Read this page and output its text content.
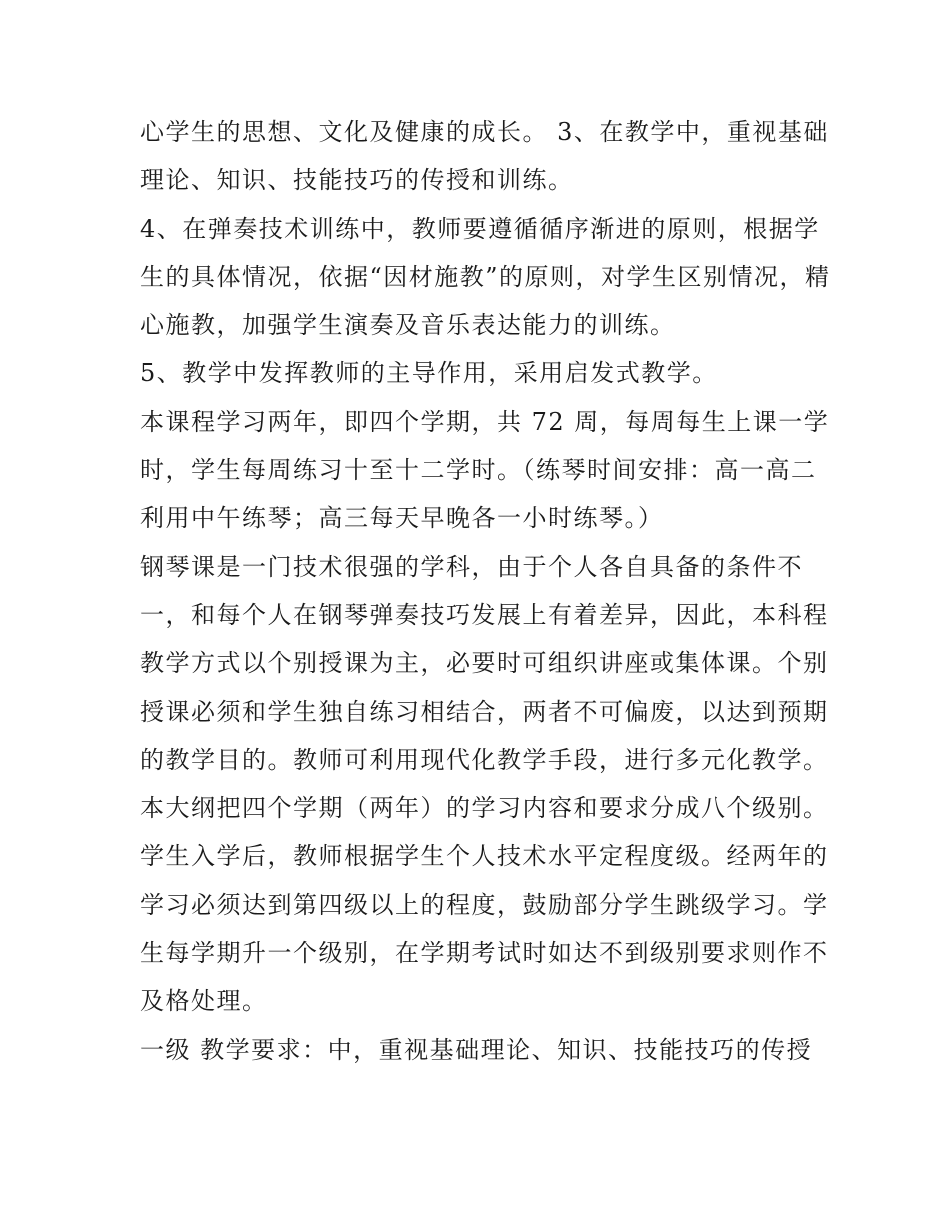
心学生的思想、文化及健康的成长。 3、在教学中，重视基础
理论、知识、技能技巧的传授和训练。
4、在弹奏技术训练中，教师要遵循循序渐进的原则，根据学
生的具体情况，依据“因材施教”的原则，对学生区别情况，精
心施教，加强学生演奏及音乐表达能力的训练。
5、教学中发挥教师的主导作用，采用启发式教学。
本课程学习两年，即四个学期，共 72 周，每周每生上课一学
时，学生每周练习十至十二学时。（练琴时间安排：高一高二
利用中午练琴；高三每天早晚各一小时练琴。）
钢琴课是一门技术很强的学科，由于个人各自具备的条件不
一，和每个人在钢琴弹奏技巧发展上有着差异，因此，本科程
教学方式以个别授课为主，必要时可组织讲座或集体课。个别
授课必须和学生独自练习相结合，两者不可偏废，以达到预期
的教学目的。教师可利用现代化教学手段，进行多元化教学。
本大纲把四个学期（两年）的学习内容和要求分成八个级别。
学生入学后，教师根据学生个人技术水平定程度级。经两年的
学习必须达到第四级以上的程度，鼓励部分学生跳级学习。学
生每学期升一个级别，在学期考试时如达不到级别要求则作不
及格处理。
一级 教学要求：中，重视基础理论、知识、技能技巧的传授
